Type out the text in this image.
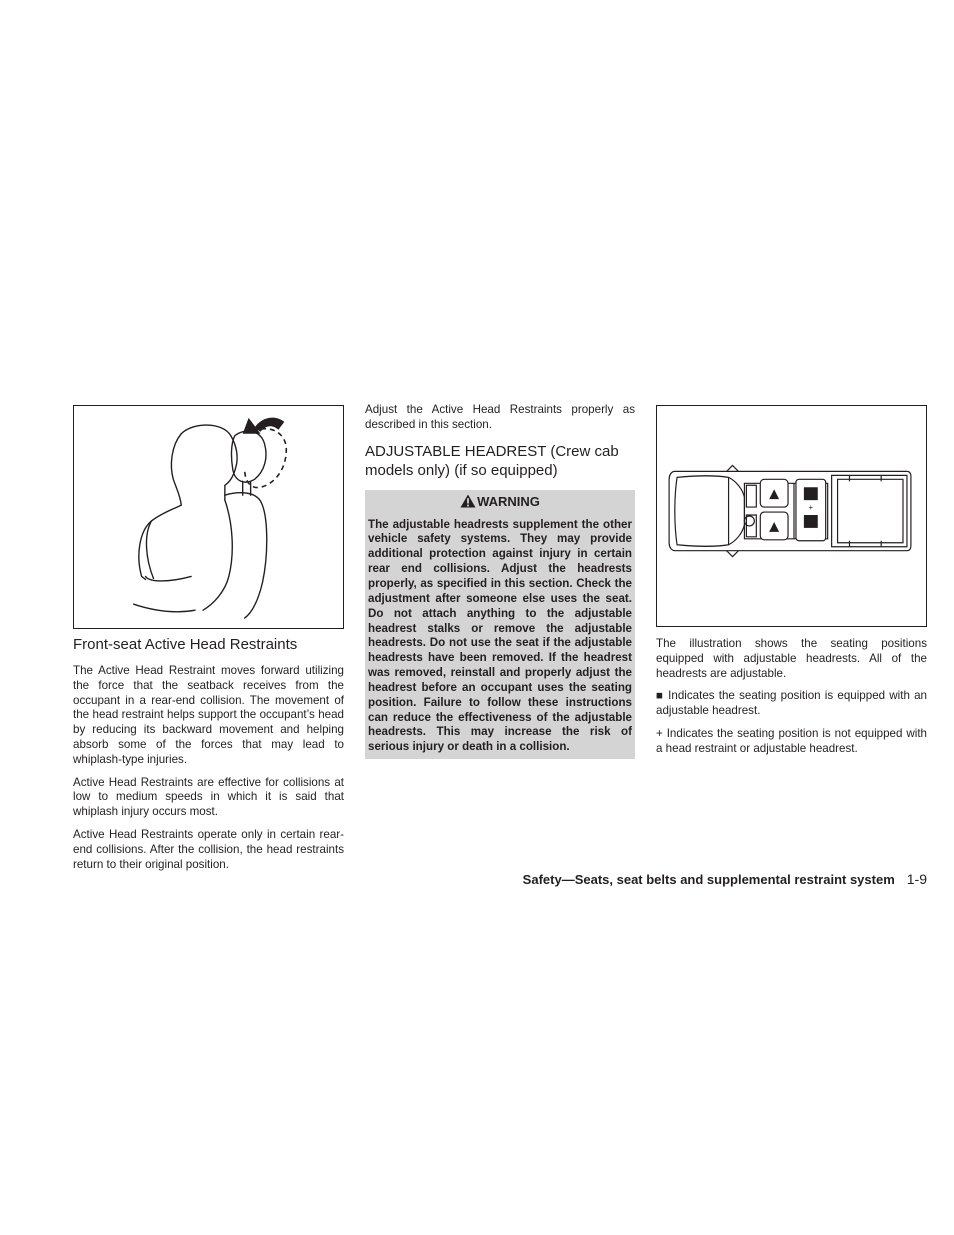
Front-seat Active Head Restraints

The Active Head Restraint moves forward utilizing the force that the seatback receives from the occupant in a rear-end collision. The movement of the head restraint helps support the occupant’s head by reducing its backward movement and helping absorb some of the forces that may lead to whiplash-type injuries.

Active Head Restraints are effective for collisions at low to medium speeds in which it is said that whiplash injury occurs most.

Active Head Restraints operate only in certain rear-end collisions. After the collision, the head restraints return to their original position.

Adjust the Active Head Restraints properly as described in this section.

ADJUSTABLE HEADREST (Crew cab models only) (if so equipped)
WARNING
The adjustable headrests supplement the other vehicle safety systems. They may provide additional protection against injury in certain rear end collisions. Adjust the headrests properly, as specified in this section. Check the adjustment after someone else uses the seat. Do not attach anything to the adjustable headrest stalks or remove the adjustable headrests. Do not use the seat if the adjustable headrests have been removed. If the headrest was removed, reinstall and properly adjust the headrest before an occupant uses the seating position. Failure to follow these instructions can reduce the effectiveness of the adjustable headrests. This may increase the risk of serious injury or death in a collision.
+

The illustration shows the seating positions equipped with adjustable headrests. All of the headrests are adjustable.

■ Indicates the seating position is equipped with an adjustable headrest.

+ Indicates the seating position is not equipped with a head restraint or adjustable headrest.

Safety—Seats, seat belts and supplemental restraint system 1-9
